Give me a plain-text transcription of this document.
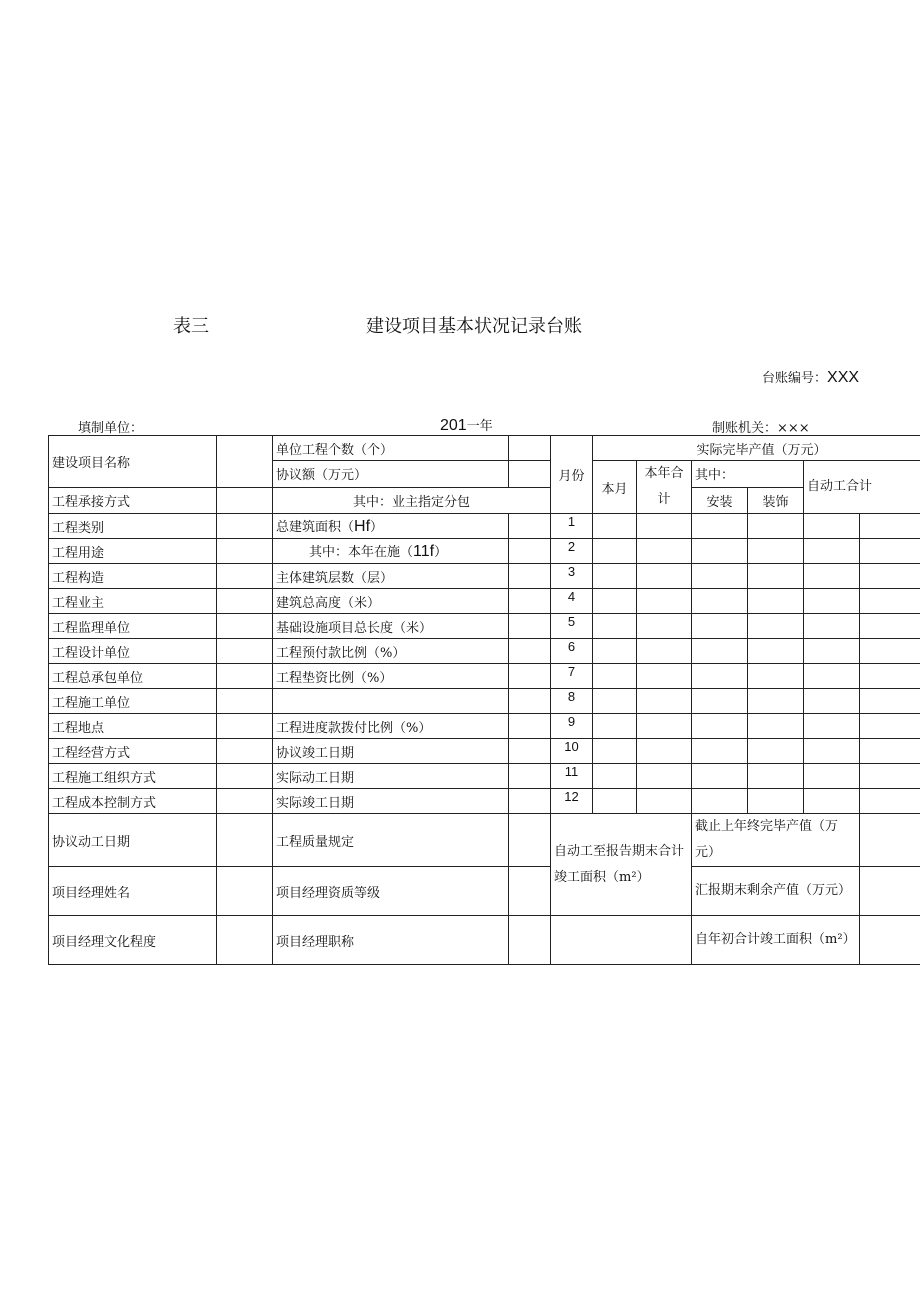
表三	建设项目基本状况记录台账
台账编号：XXX
填制单位：	201一年	制账机关：×××
建设项目名称		单位工程个数（个）		月份	实际完毕产值（万元）					
		协议额（万元）			本月	本年合计	其中：		自动工合计	
工程承接方式		其中：业主指定分包					安装	装饰		
工程类别		总建筑面积（Hf）		1						
工程用途		其中：本年在施（11f）		2						
工程构造		主体建筑层数（层）		3						
工程业主		建筑总高度（米）		4						
工程监理单位		基础设施项目总长度（米）		5						
工程设计单位		工程预付款比例（%）		6						
工程总承包单位		工程垫资比例（%）		7						
工程施工单位				8						
工程地点		工程进度款拨付比例（%）		9						
工程经营方式		协议竣工日期		10						
工程施工组织方式		实际动工日期		11						
工程成本控制方式		实际竣工日期		12						
协议动工日期		工程质量规定		自动工至报告期末合计竣工面积（m²）			截止上年终完毕产值（万元）			
项目经理姓名		项目经理资质等级					汇报期末剩余产值（万元）			
项目经理文化程度		项目经理职称					自年初合计竣工面积（m²）			
